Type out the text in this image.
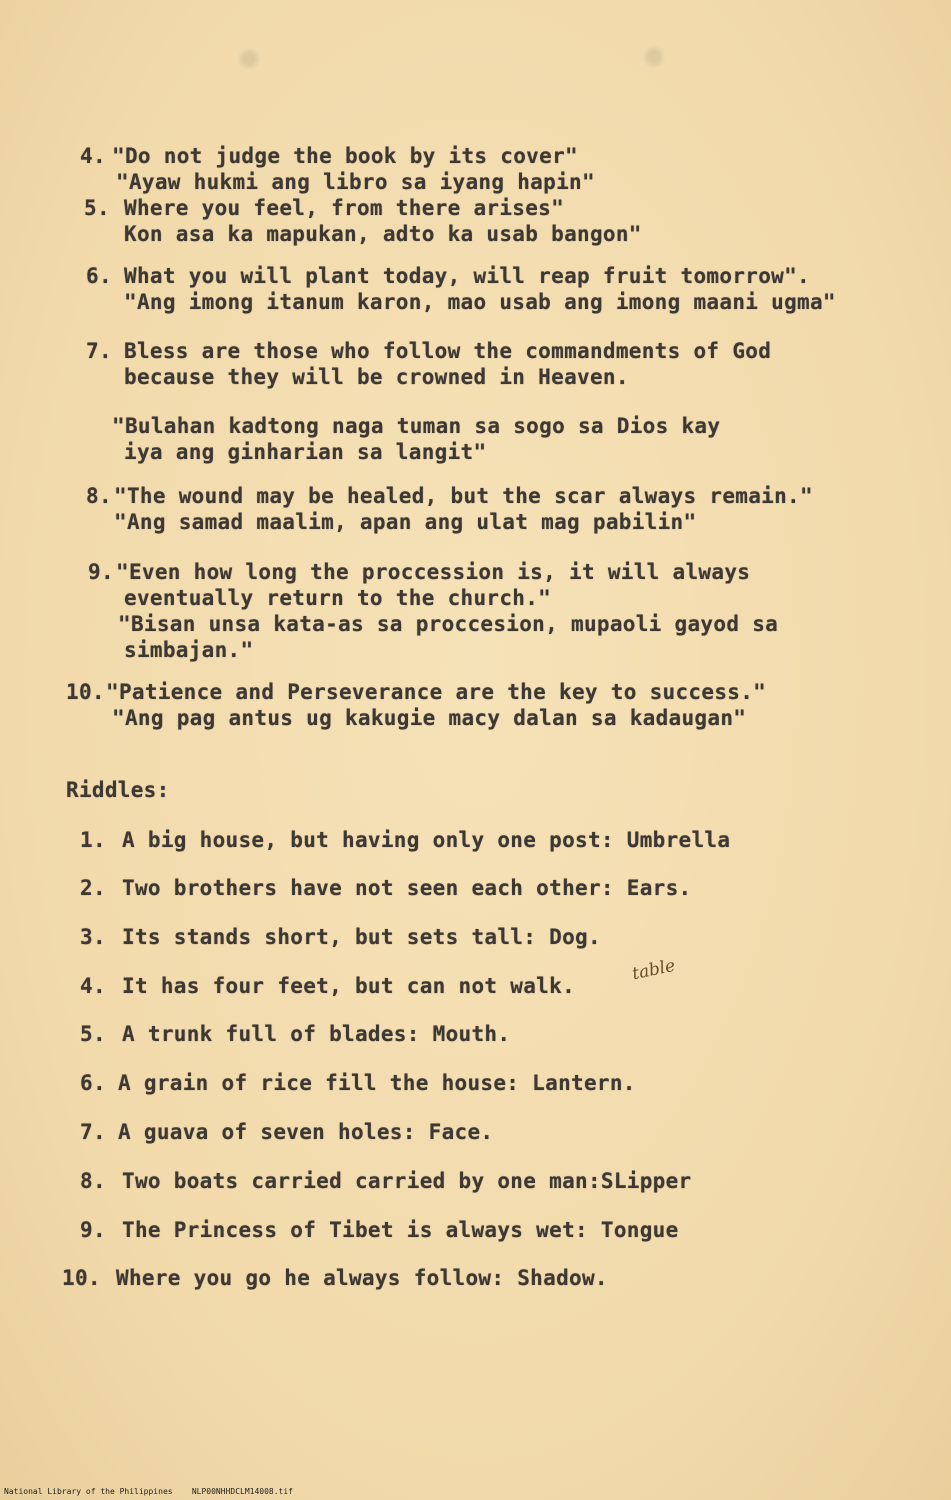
4. "Do not judge the book by its cover"
"Ayaw hukmi ang libro sa iyang hapin"
5. Where you feel, from there arises"
Kon asa ka mapukan, adto ka usab bangon"
6. What you will plant today, will reap fruit tomorrow".
"Ang imong itanum karon, mao usab ang imong maani ugma"
7. Bless are those who follow the commandments of God
because they will be crowned in Heaven.
"Bulahan kadtong naga tuman sa sogo sa Dios kay
iya ang ginharian sa langit"
8. "The wound may be healed, but the scar always remain."
"Ang samad maalim, apan ang ulat mag pabilin"
9. "Even how long the proccession is, it will always
eventually return to the church."
"Bisan unsa kata-as sa proccesion, mupaoli gayod sa
simbajan."
10. "Patience and Perseverance are the key to success."
"Ang pag antus ug kakugie macy dalan sa kadaugan"
Riddles:
1. A big house, but having only one post: Umbrella
2. Two brothers have not seen each other: Ears.
3. Its stands short, but sets tall: Dog.
4. It has four feet, but can not walk.
table
5. A trunk full of blades: Mouth.
6. A grain of rice fill the house: Lantern.
7. A guava of seven holes: Face.
8. Two boats carried carried by one man:SLipper
9. The Princess of Tibet is always wet: Tongue
10. Where you go he always follow: Shadow.
National Library of the Philippines    NLP00NHHDCLM14008.tif
